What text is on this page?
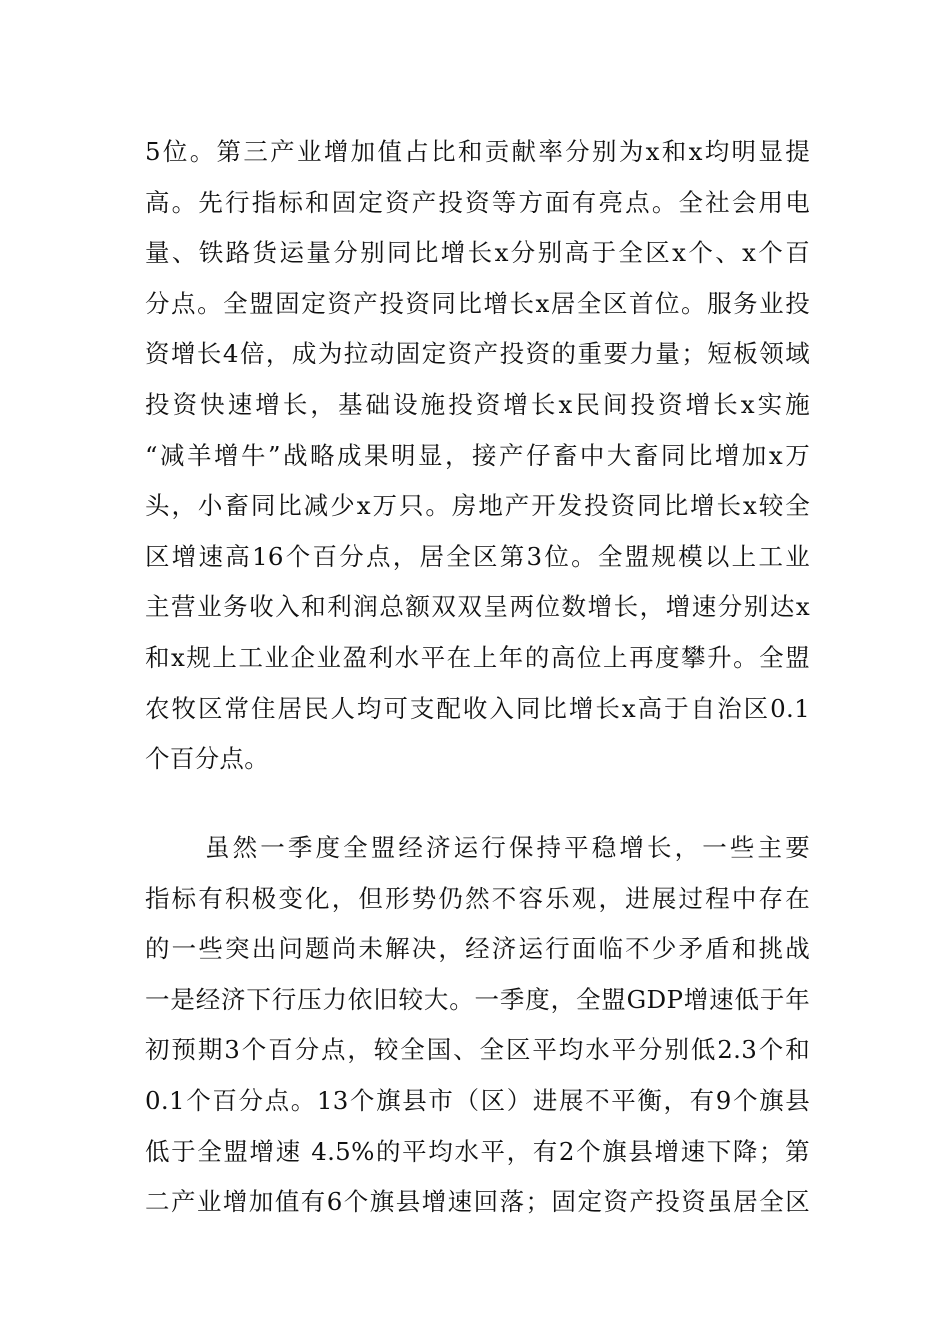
5位。第三产业增加值占比和贡献率分别为x和x均明显提
高。先行指标和固定资产投资等方面有亮点。全社会用电
量、铁路货运量分别同比增长x分别高于全区x个、x个百
分点。全盟固定资产投资同比增长x居全区首位。服务业投
资增长4倍，成为拉动固定资产投资的重要力量；短板领域
投资快速增长，基础设施投资增长x民间投资增长x实施
“减羊增牛”战略成果明显，接产仔畜中大畜同比增加x万
头，小畜同比减少x万只。房地产开发投资同比增长x较全
区增速高16个百分点，居全区第3位。全盟规模以上工业
主营业务收入和利润总额双双呈两位数增长，增速分别达x
和x规上工业企业盈利水平在上年的高位上再度攀升。全盟
农牧区常住居民人均可支配收入同比增长x高于自治区0.1
个百分点。
虽然一季度全盟经济运行保持平稳增长，一些主要
指标有积极变化，但形势仍然不容乐观，进展过程中存在
的一些突出问题尚未解决，经济运行面临不少矛盾和挑战
一是经济下行压力依旧较大。一季度，全盟GDP增速低于年
初预期3个百分点，较全国、全区平均水平分别低2.3个和
0.1个百分点。13个旗县市（区）进展不平衡，有9个旗县
低于全盟增速 4.5%的平均水平，有2个旗县增速下降；第
二产业增加值有6个旗县增速回落；固定资产投资虽居全区
